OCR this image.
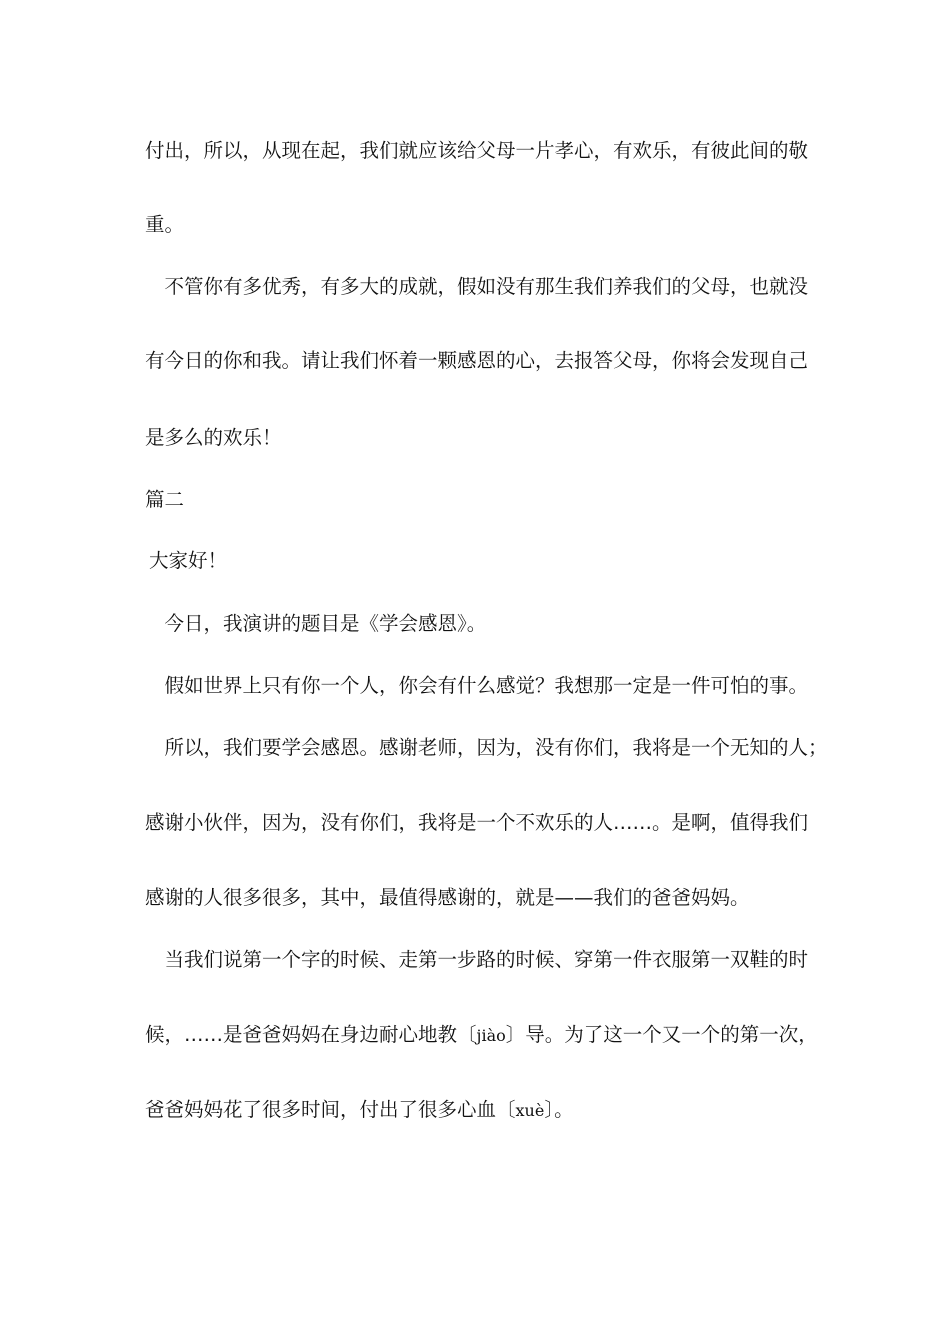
付出，所以，从现在起，我们就应该给父母一片孝心，有欢乐，有彼此间的敬
重。
　不管你有多优秀，有多大的成就，假如没有那生我们养我们的父母，也就没
有今日的你和我。请让我们怀着一颗感恩的心，去报答父母，你将会发现自己
是多么的欢乐！
篇二
大家好！
　今日，我演讲的题目是《学会感恩》。
　假如世界上只有你一个人，你会有什么感觉？我想那一定是一件可怕的事。
　所以，我们要学会感恩。感谢老师，因为，没有你们，我将是一个无知的人；
感谢小伙伴，因为，没有你们，我将是一个不欢乐的人……。是啊，值得我们
感谢的人很多很多，其中，最值得感谢的，就是——我们的爸爸妈妈。
　当我们说第一个字的时候、走第一步路的时候、穿第一件衣服第一双鞋的时
候，……是爸爸妈妈在身边耐心地教〔jiào〕导。为了这一个又一个的第一次，
爸爸妈妈花了很多时间，付出了很多心血〔xuè〕。
